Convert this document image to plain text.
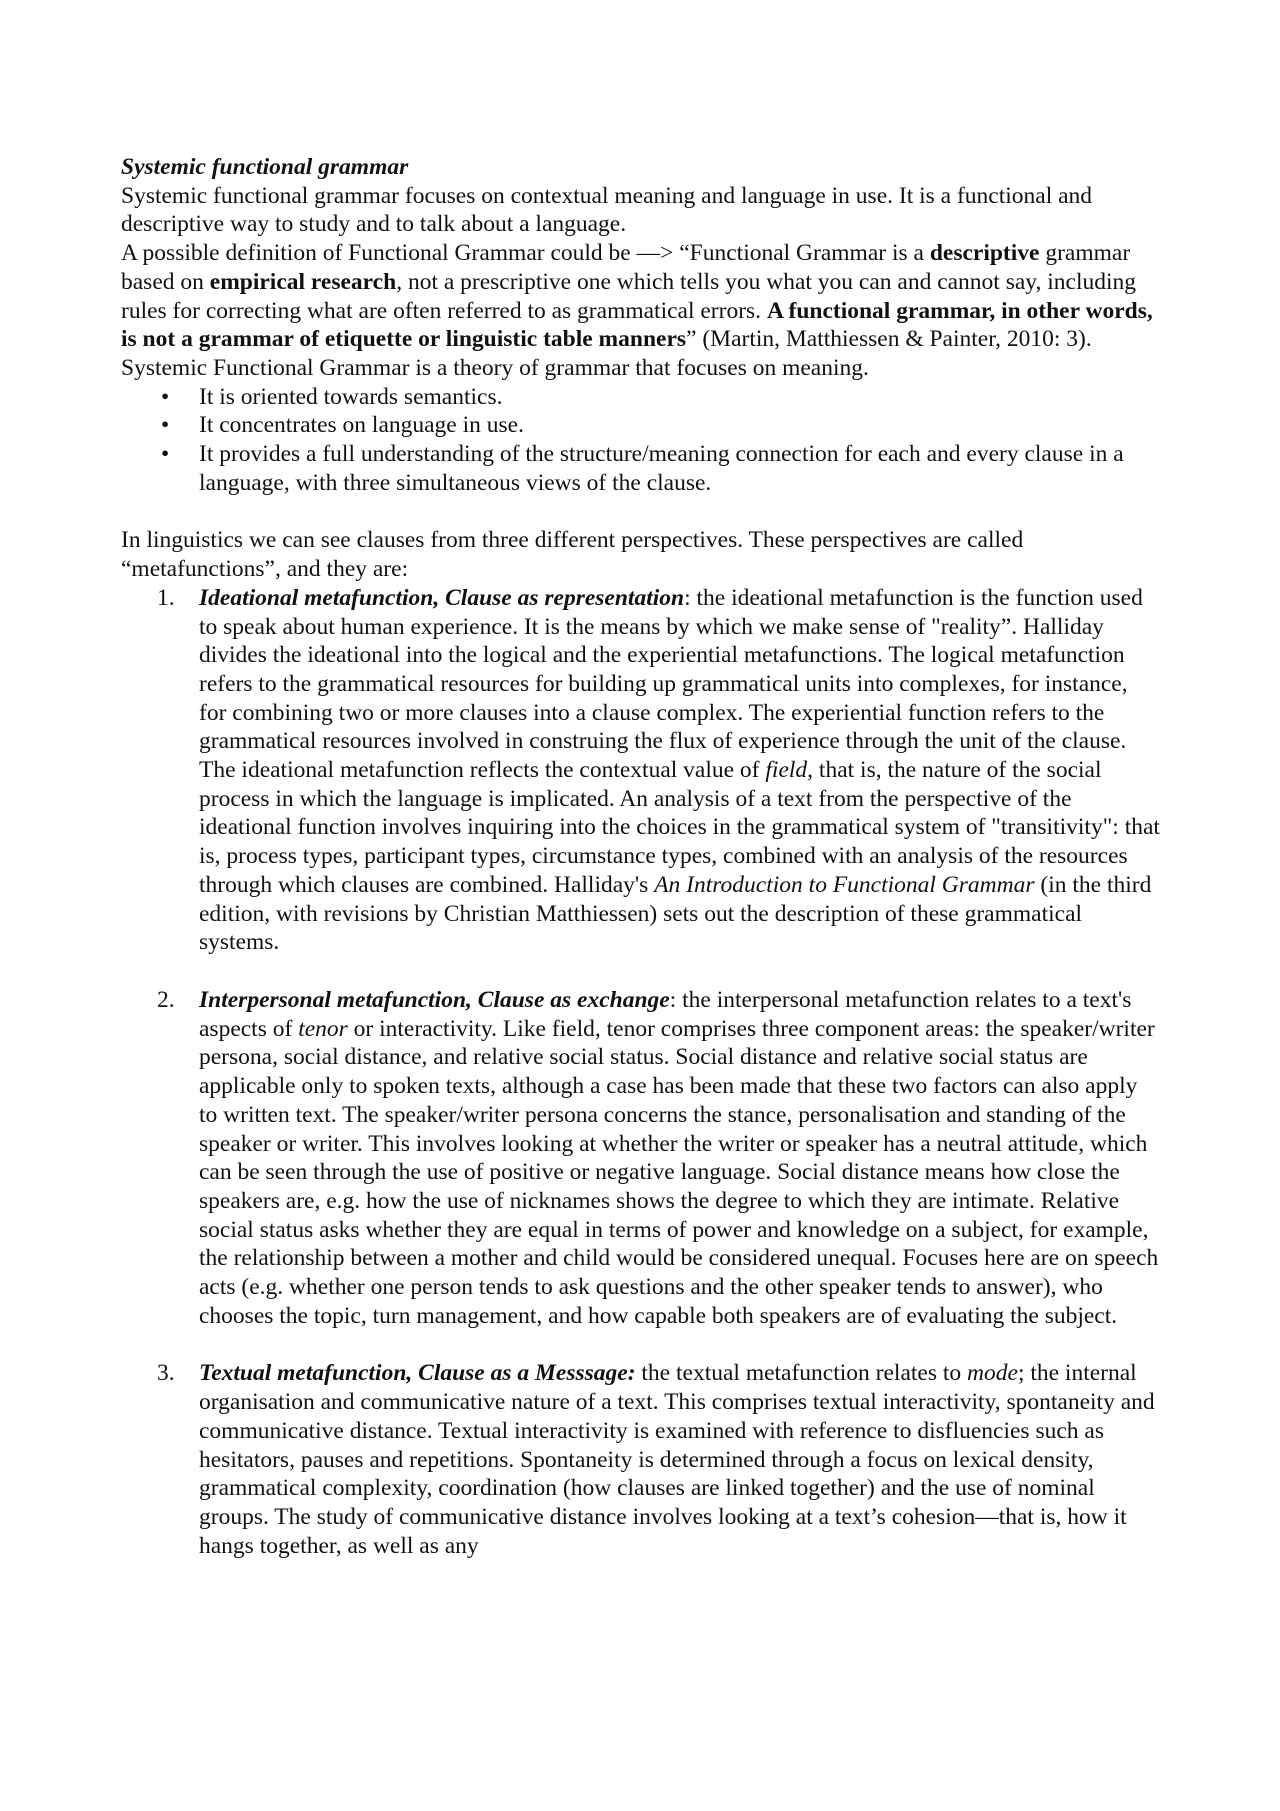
Systemic functional grammar

Systemic functional grammar focuses on contextual meaning and language in use. It is a functional and descriptive way to study and to talk about a language.

A possible definition of Functional Grammar could be —> “Functional Grammar is a descriptive grammar based on empirical research, not a prescriptive one which tells you what you can and cannot say, including rules for correcting what are often referred to as grammatical errors. A functional grammar, in other words, is not a grammar of etiquette or linguistic table manners” (Martin, Matthiessen & Painter, 2010: 3).

Systemic Functional Grammar is a theory of grammar that focuses on meaning.

• It is oriented towards semantics.
• It concentrates on language in use.
• It provides a full understanding of the structure/meaning connection for each and every clause in a language, with three simultaneous views of the clause.

In linguistics we can see clauses from three different perspectives. These perspectives are called “metafunctions”, and they are:

1. Ideational metafunction, Clause as representation: the ideational metafunction is the function used to speak about human experience. It is the means by which we make sense of "reality”. Halliday divides the ideational into the logical and the experiential metafunctions. The logical metafunction refers to the grammatical resources for building up grammatical units into complexes, for instance, for combining two or more clauses into a clause complex. The experiential function refers to the grammatical resources involved in construing the flux of experience through the unit of the clause. The ideational metafunction reflects the contextual value of field, that is, the nature of the social process in which the language is implicated. An analysis of a text from the perspective of the ideational function involves inquiring into the choices in the grammatical system of "transitivity": that is, process types, participant types, circumstance types, combined with an analysis of the resources through which clauses are combined. Halliday's An Introduction to Functional Grammar (in the third edition, with revisions by Christian Matthiessen) sets out the description of these grammatical systems.
2. Interpersonal metafunction, Clause as exchange: the interpersonal metafunction relates to a text's aspects of tenor or interactivity. Like field, tenor comprises three component areas: the speaker/writer persona, social distance, and relative social status. Social distance and relative social status are applicable only to spoken texts, although a case has been made that these two factors can also apply to written text. The speaker/writer persona concerns the stance, personalisation and standing of the speaker or writer. This involves looking at whether the writer or speaker has a neutral attitude, which can be seen through the use of positive or negative language. Social distance means how close the speakers are, e.g. how the use of nicknames shows the degree to which they are intimate. Relative social status asks whether they are equal in terms of power and knowledge on a subject, for example, the relationship between a mother and child would be considered unequal. Focuses here are on speech acts (e.g. whether one person tends to ask questions and the other speaker tends to answer), who chooses the topic, turn management, and how capable both speakers are of evaluating the subject.
3. Textual metafunction, Clause as a Messsage: the textual metafunction relates to mode; the internal organisation and communicative nature of a text. This comprises textual interactivity, spontaneity and communicative distance. Textual interactivity is examined with reference to disfluencies such as hesitators, pauses and repetitions. Spontaneity is determined through a focus on lexical density, grammatical complexity, coordination (how clauses are linked together) and the use of nominal groups. The study of communicative distance involves looking at a text’s cohesion—that is, how it hangs together, as well as any
